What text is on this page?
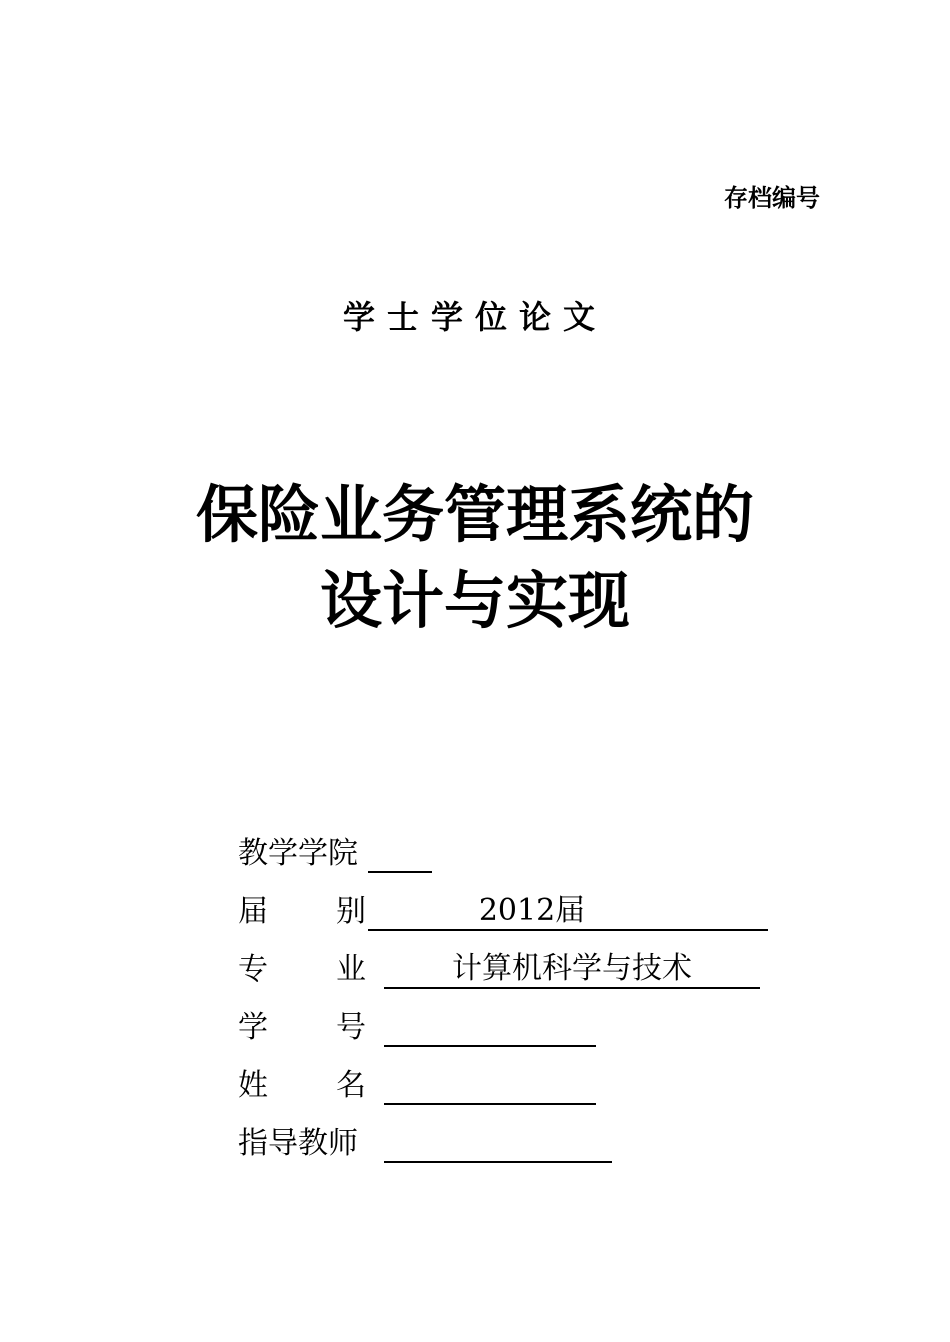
存档编号
学士学位论文
保险业务管理系统的
设计与实现
教学学院
届 别	2012届
专 业	计算机科学与技术
学 号
姓 名
指导教师
